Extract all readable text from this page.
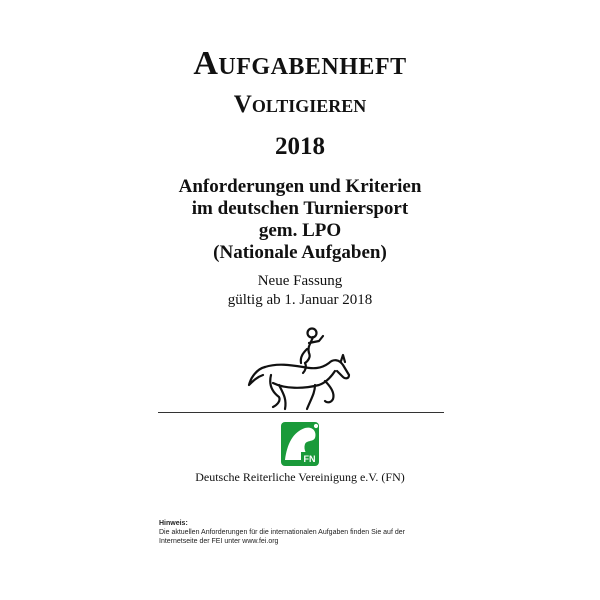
Aufgabenheft
Voltigieren
2018
Anforderungen und Kriterien
im deutschen Turniersport
gem. LPO
(Nationale Aufgaben)
Neue Fassung
gültig ab 1. Januar 2018
FN
Deutsche Reiterliche Vereinigung e.V. (FN)
Hinweis:
Die aktuellen Anforderungen für die internationalen Aufgaben finden Sie auf der
Internetseite der FEI unter www.fei.org
